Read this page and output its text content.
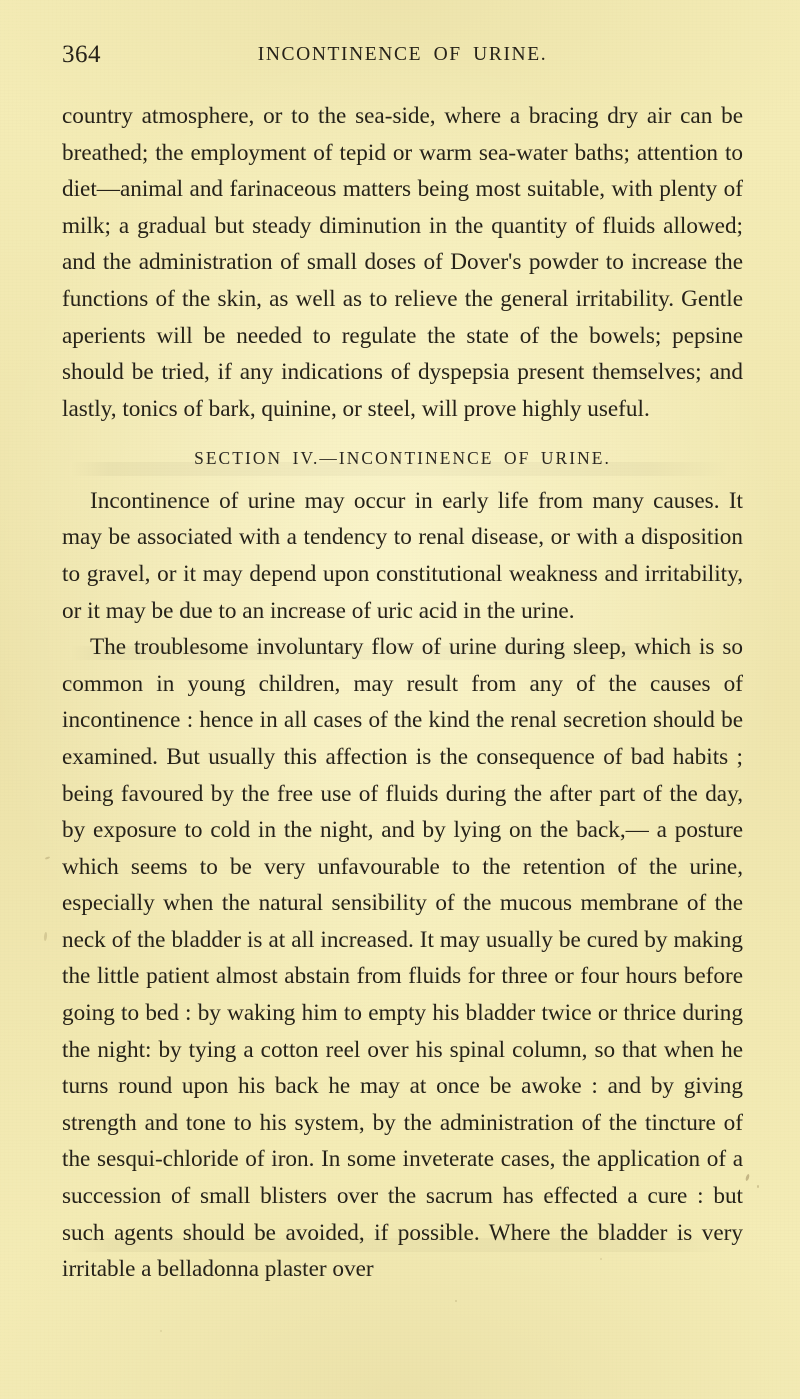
364	INCONTINENCE OF URINE.

country atmosphere, or to the sea-side, where a bracing dry air can be breathed; the employment of tepid or warm sea-water baths; attention to diet—animal and farinaceous matters being most suitable, with plenty of milk; a gradual but steady diminution in the quantity of fluids allowed; and the administration of small doses of Dover's powder to increase the functions of the skin, as well as to relieve the general irritability. Gentle aperients will be needed to regulate the state of the bowels; pepsine should be tried, if any indications of dyspepsia present themselves; and lastly, tonics of bark, quinine, or steel, will prove highly useful.

SECTION IV.—INCONTINENCE OF URINE.

Incontinence of urine may occur in early life from many causes. It may be associated with a tendency to renal disease, or with a disposition to gravel, or it may depend upon constitutional weakness and irritability, or it may be due to an increase of uric acid in the urine.

The troublesome involuntary flow of urine during sleep, which is so common in young children, may result from any of the causes of incontinence : hence in all cases of the kind the renal secretion should be examined. But usually this affection is the consequence of bad habits ; being favoured by the free use of fluids during the after part of the day, by exposure to cold in the night, and by lying on the back,— a posture which seems to be very unfavourable to the retention of the urine, especially when the natural sensibility of the mucous membrane of the neck of the bladder is at all increased. It may usually be cured by making the little patient almost abstain from fluids for three or four hours before going to bed : by waking him to empty his bladder twice or thrice during the night: by tying a cotton reel over his spinal column, so that when he turns round upon his back he may at once be awoke : and by giving strength and tone to his system, by the administration of the tincture of the sesqui-chloride of iron. In some inveterate cases, the application of a succession of small blisters over the sacrum has effected a cure : but such agents should be avoided, if possible. Where the bladder is very irritable a belladonna plaster over
